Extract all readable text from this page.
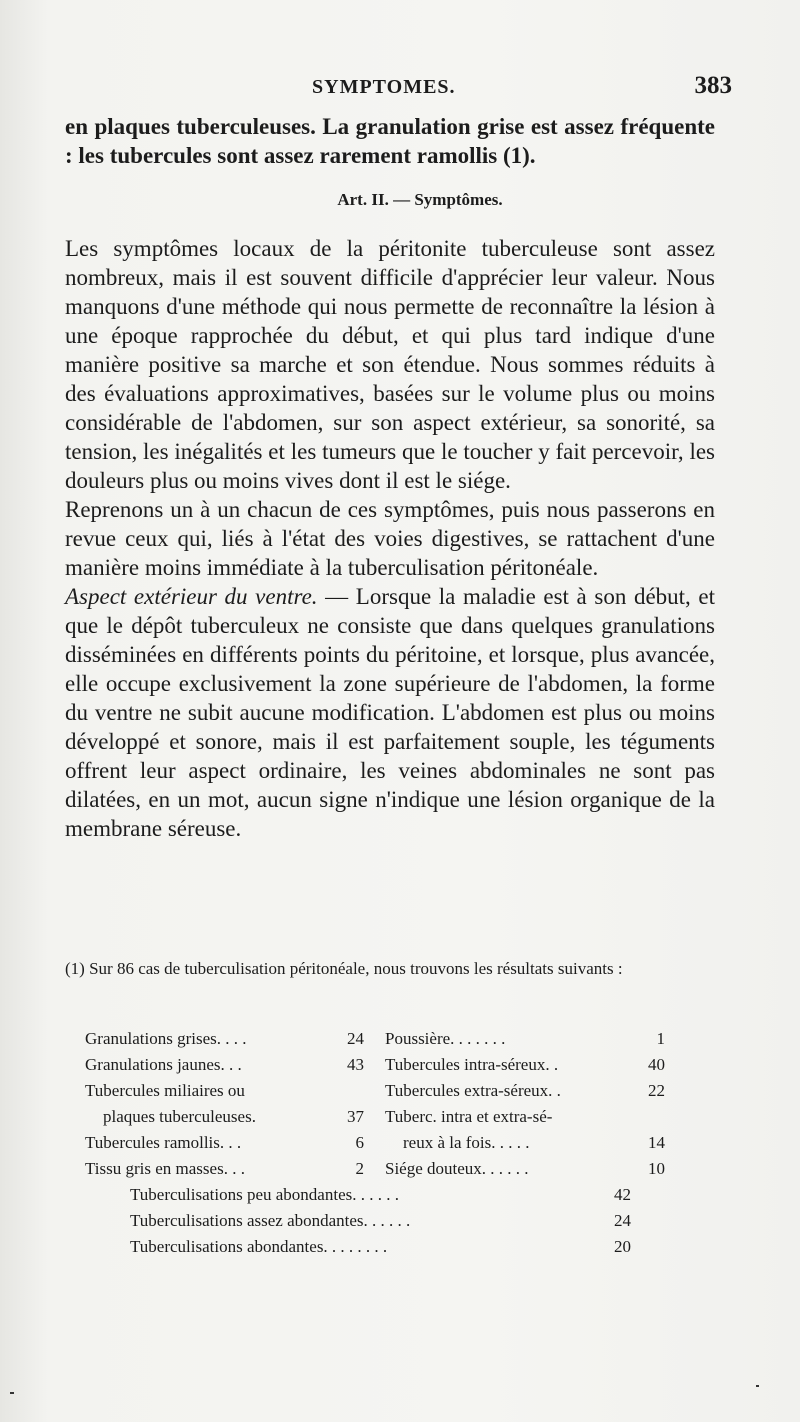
SYMPTOMES.	383

en plaques tuberculeuses. La granulation grise est assez fréquente : les tubercules sont assez rarement ramollis (1).

Art. II. — Symptômes.

Les symptômes locaux de la péritonite tuberculeuse sont assez nombreux, mais il est souvent difficile d'apprécier leur valeur. Nous manquons d'une méthode qui nous permette de reconnaître la lésion à une époque rapprochée du début, et qui plus tard indique d'une manière positive sa marche et son étendue. Nous sommes réduits à des évaluations approximatives, basées sur le volume plus ou moins considérable de l'abdomen, sur son aspect extérieur, sa sonorité, sa tension, les inégalités et les tumeurs que le toucher y fait percevoir, les douleurs plus ou moins vives dont il est le siége.

Reprenons un à un chacun de ces symptômes, puis nous passerons en revue ceux qui, liés à l'état des voies digestives, se rattachent d'une manière moins immédiate à la tuberculisation péritonéale.

Aspect extérieur du ventre. — Lorsque la maladie est à son début, et que le dépôt tuberculeux ne consiste que dans quelques granulations disséminées en différents points du péritoine, et lorsque, plus avancée, elle occupe exclusivement la zone supérieure de l'abdomen, la forme du ventre ne subit aucune modification. L'abdomen est plus ou moins développé et sonore, mais il est parfaitement souple, les téguments offrent leur aspect ordinaire, les veines abdominales ne sont pas dilatées, en un mot, aucun signe n'indique une lésion organique de la membrane séreuse.

(1) Sur 86 cas de tuberculisation péritonéale, nous trouvons les résultats suivants :
Granulations grises. . . .	24 Poussière. . . . . . .	1
Granulations jaunes. . .	43 Tubercules intra-séreux. .	40
Tubercules miliaires ou	Tubercules extra-séreux. .	22
plaques tuberculeuses.	37 Tuberc. intra et extra-sé-
Tubercules ramollis. . .	6	reux à la fois. . . . .	14
Tissu gris en masses. . .	2 Siége douteux. . . . . .	10
Tuberculisations peu abondantes. . . . . .	42
Tuberculisations assez abondantes. . . . . .	24
Tuberculisations abondantes. . . . . . . .	20
